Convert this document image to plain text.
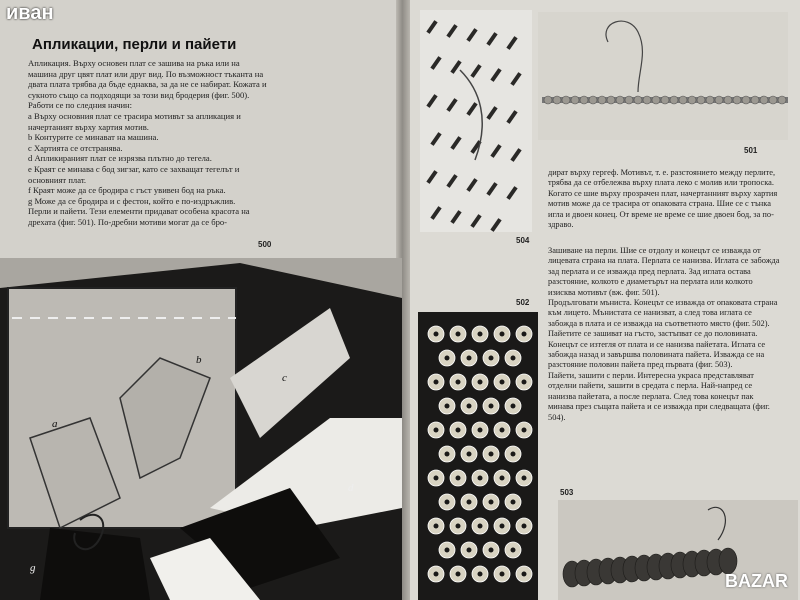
иван
Апликации, перли и пайети

Апликация. Върху основен плат се зашива на ръка или на машина друг цвят плат или друг вид. По възможност тъканта на двата плата трябва да бъде еднаква, за да не се набират. Кожата и сукното също са подходящи за този вид бродерия (фиг. 500).

Работи се по следния начин:

a Върху основния плат се трасира мотивът за апликация и начертаният върху хартия мотив.

b Контурите се минават на машина.

c Хартията се отстранява.

d Апликираният плат се изрязва плътно до тегела.

e Краят се минава с бод зигзаг, като се захващат тегелът и основният плат.

f Краят може да се бродира с гъст увивен бод на ръка.

g Може да се бродира и с фестон, който е по-издръжлив.

Перли и пайети. Тези елементи придават особена красота на дрехата (фиг. 501). По-дребни мотиви могат да се бро-

500
b
c
a
d
g
504
501

дират върху гергеф. Мотивът, т. е. разстоянието между перлите, трябва да се отбележва върху плата леко с молив или тропоска. Когато се шие върху прозрачен плат, начертанният върху хартия мотив може да се трасира от опаковата страна. Шие се с тънка игла и двоен конец. От време не време се шие двоен бод, за по-здраво.

Зашиване на перли. Шие се отдолу и конецът се изважда от лицевата страна на плата. Перлата се нанизва. Иглата се забожда зад перлата и се изважда пред перлата. Зад иглата остава разстояние, колкото е диаметърът на перлата или колкото изисква мотивът (вж. фиг. 501).

Продълговати мъниста. Конецът се изважда от опаковата страна към лицето. Мънистата се нанизват, а след това иглата се забожда в плата и се изважда на съответното място (фиг. 502).

Пайетите се зашиват на гъсто, застъпват се до половината. Конецът се изтегля от плата и се нанизва пайетата. Иглата се забожда назад и завършва половината пайета. Изважда се на разстояние половин пайета пред първата (фиг. 503).

Пайети, зашити с перли. Интересна украса представляват отделни пайети, зашити в средата с перла. Най-напред се нанизва пайетата, а после перлата. След това конецът пак минава през същата пайета и се изважда при следващата (фиг. 504).

502
503
BAZAR
